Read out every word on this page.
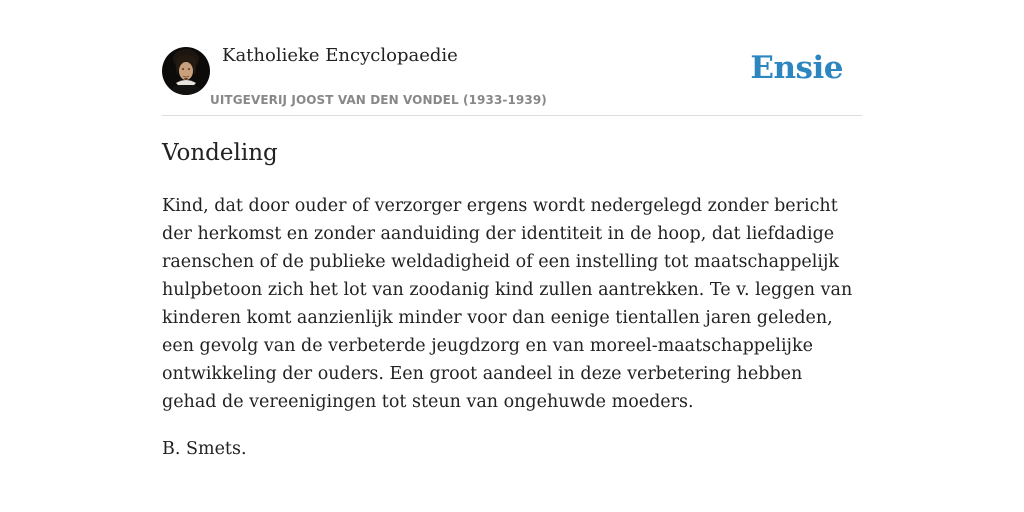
Katholieke Encyclopaedie
UITGEVERIJ JOOST VAN DEN VONDEL (1933-1939)
Ensie
Vondeling

Kind, dat door ouder of verzorger ergens wordt nedergelegd zonder bericht der herkomst en zonder aanduiding der identiteit in de hoop, dat liefdadige raenschen of de publieke weldadigheid of een instelling tot maatschappelijk hulpbetoon zich het lot van zoodanig kind zullen aantrekken. Te v. leggen van kinderen komt aanzienlijk minder voor dan eenige tientallen jaren geleden, een gevolg van de verbeterde jeugdzorg en van moreel-maatschappelijke ontwikkeling der ouders. Een groot aandeel in deze verbetering hebben gehad de vereenigingen tot steun van ongehuwde moeders.

B. Smets.
